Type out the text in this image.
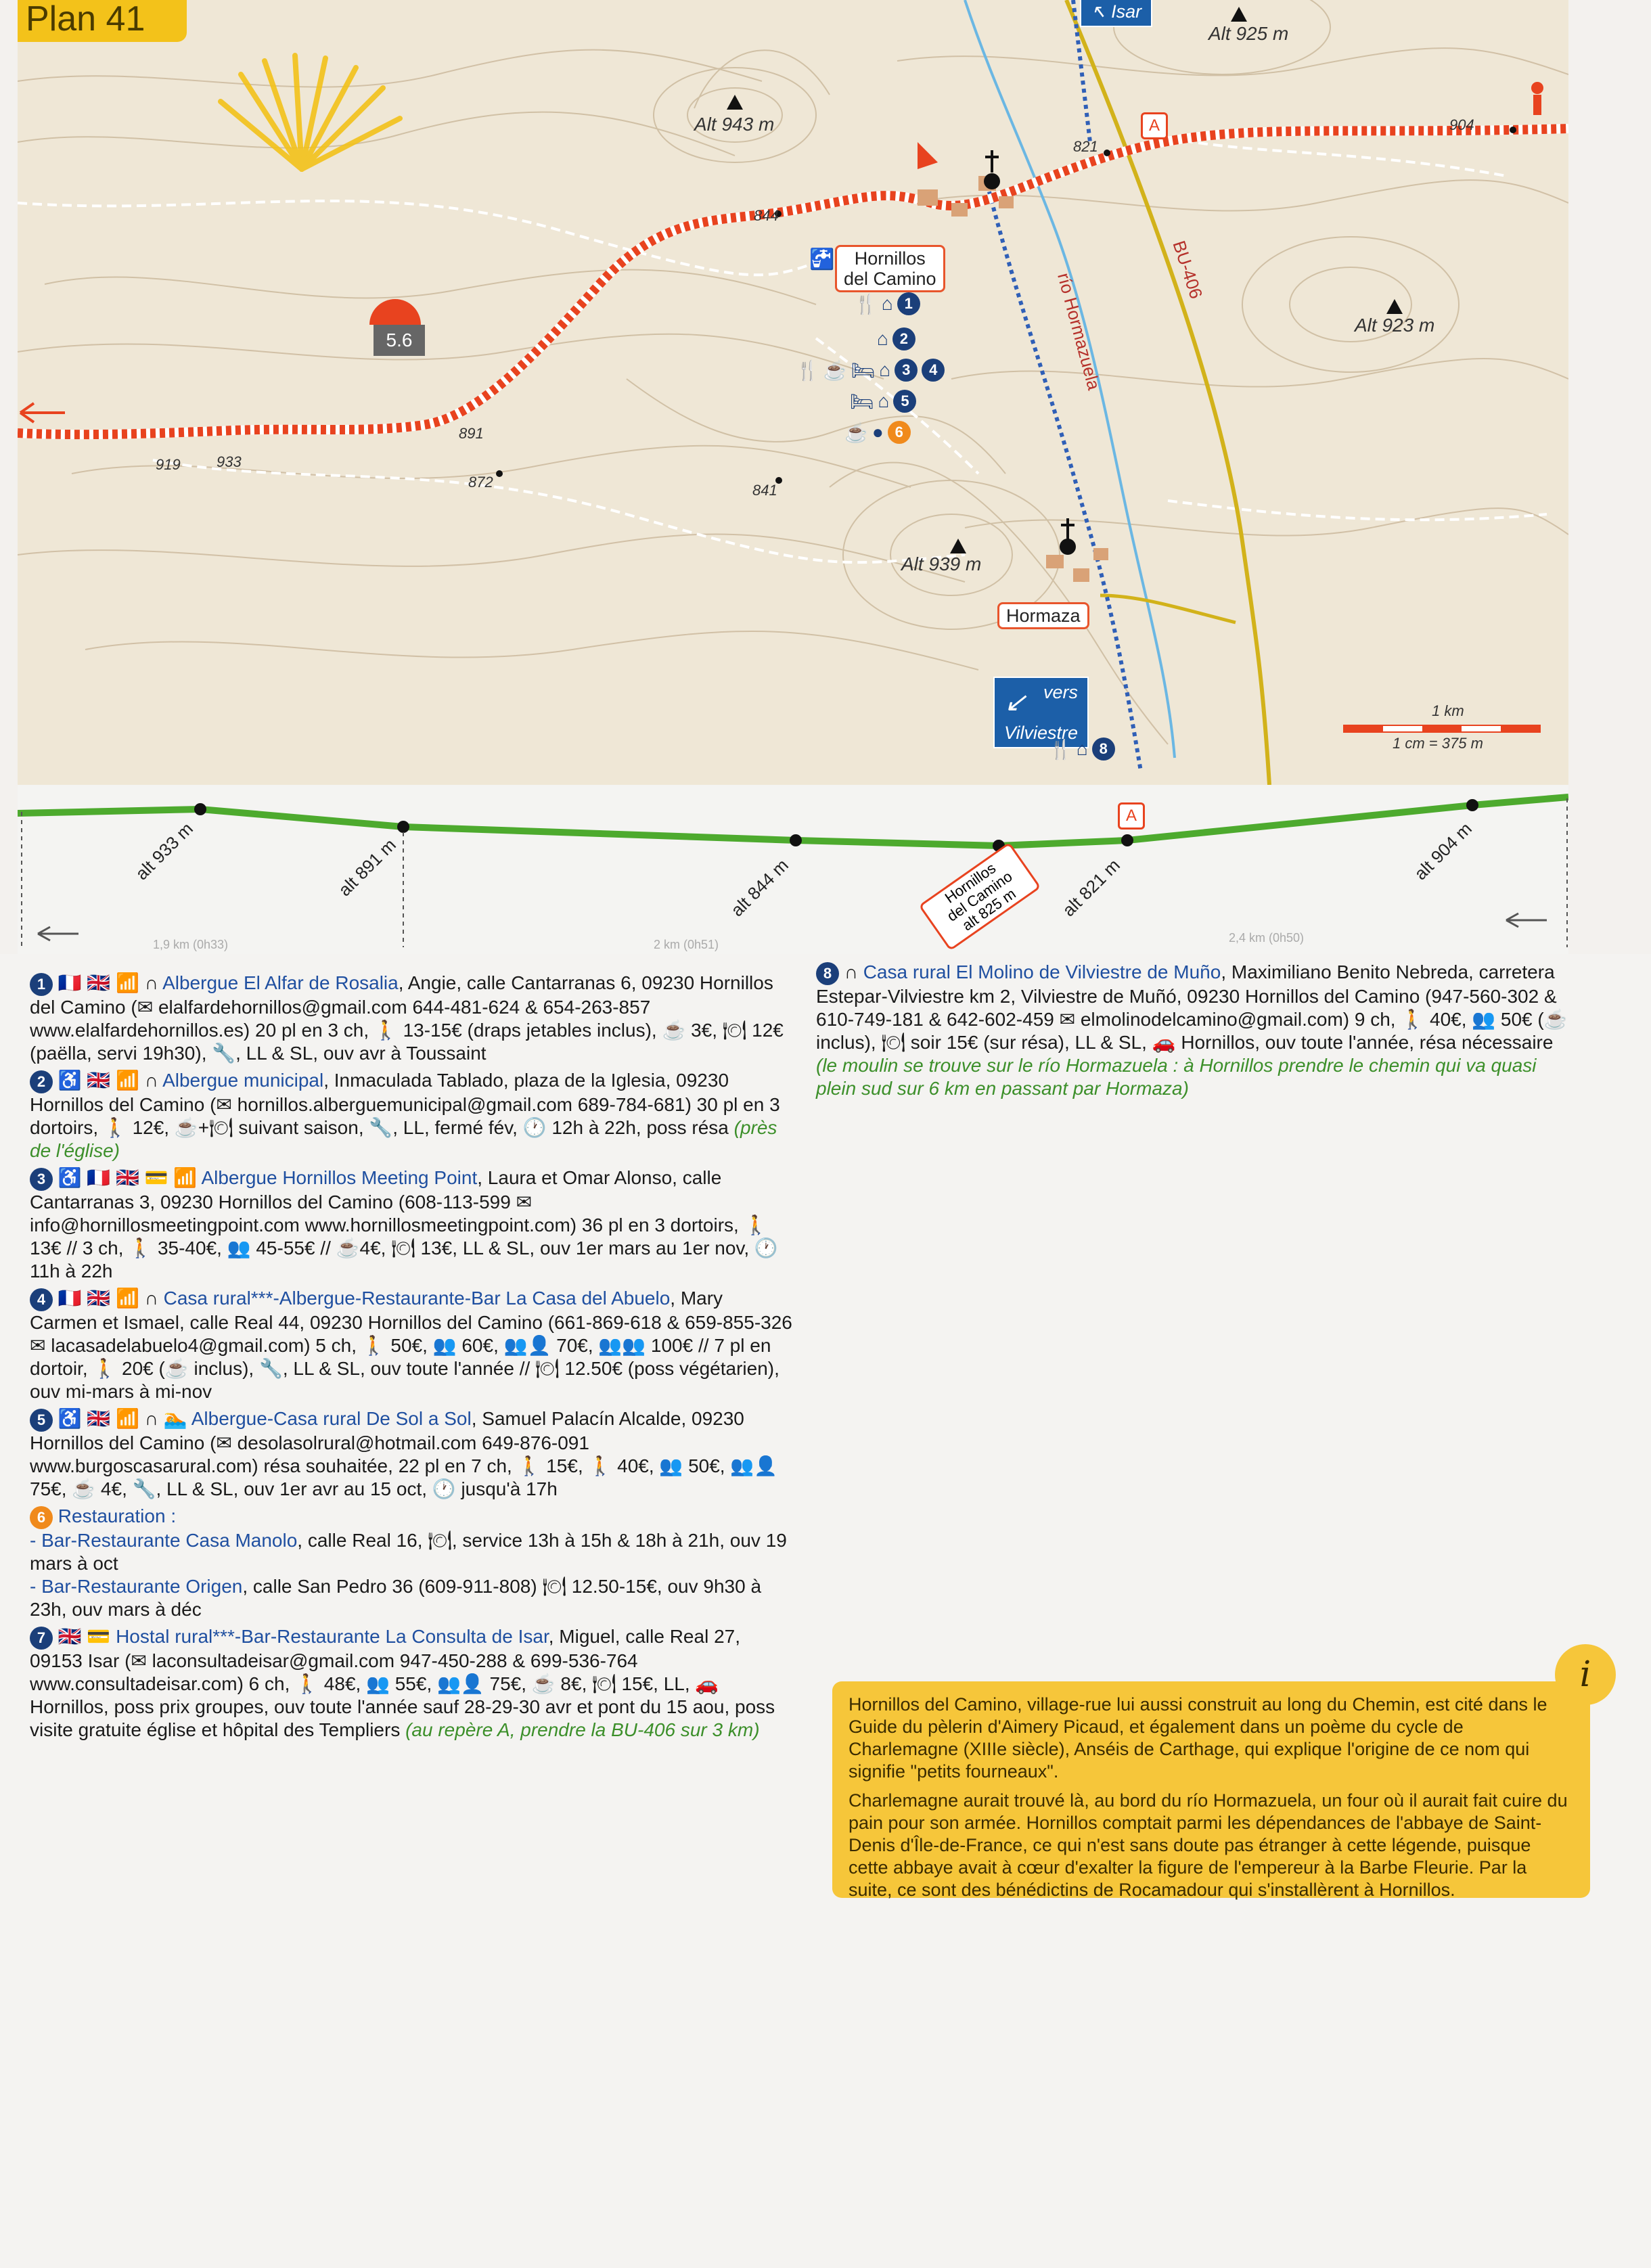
Plan 41
Alt 943 m
Alt 925 m
Alt 923 m
Alt 939 m
844
821
904
891
919 933
872	841
5.6
Hornillos
del Camino
Hormaza
río Hormazuela
BU-406
↖ Isar
↙ vers
Vilviestre
A
🚰
🍴 ⌂ 1
⌂ 2
🍴 ☕ 🛏 ⌂ 3	4
🛏 ⌂ 5
☕ ● 6
🍴 ⌂ 8
1 km
1 cm = 375 m
alt 933 m	alt 891 m	alt 844 m	Hornillos
del Camino
alt 825 m	alt 821 m
alt 904 m
A
1,9 km (0h33)	2 km (0h51)	2,4 km (0h50)
1 🇫🇷 🇬🇧 📶 ∩ Albergue El Alfar de Rosalia, Angie, calle Cantarranas 6, 09230 Hornillos del Camino (✉ elalfardehornillos@gmail.com 644-481-624 & 654-263-857 www.elalfardehornillos.es) 20 pl en 3 ch, 🚶 13-15€ (draps jetables inclus), ☕ 3€, 🍽 12€ (paëlla, servi 19h30), 🔧, LL & SL, ouv avr à Toussaint
2 ♿ 🇬🇧 📶 ∩ Albergue municipal, Inmaculada Tablado, plaza de la Iglesia, 09230 Hornillos del Camino (✉ hornillos.alberguemunicipal@gmail.com 689-784-681) 30 pl en 3 dortoirs, 🚶 12€, ☕+🍽 suivant saison, 🔧, LL, fermé fév, 🕐 12h à 22h, poss résa (près de l'église)
3 ♿ 🇫🇷 🇬🇧 💳 📶 Albergue Hornillos Meeting Point, Laura et Omar Alonso, calle Cantarranas 3, 09230 Hornillos del Camino (608-113-599 ✉ info@hornillosmeetingpoint.com www.hornillosmeetingpoint.com) 36 pl en 3 dortoirs, 🚶 13€ // 3 ch, 🚶 35-40€, 👥 45-55€ // ☕4€, 🍽 13€, LL & SL, ouv 1er mars au 1er nov, 🕐 11h à 22h
4 🇫🇷 🇬🇧 📶 ∩ Casa rural***-Albergue-Restaurante-Bar La Casa del Abuelo, Mary Carmen et Ismael, calle Real 44, 09230 Hornillos del Camino (661-869-618 & 659-855-326 ✉ lacasadelabuelo4@gmail.com) 5 ch, 🚶 50€, 👥 60€, 👥👤 70€, 👥👥 100€ // 7 pl en dortoir, 🚶 20€ (☕ inclus), 🔧, LL & SL, ouv toute l'année // 🍽 12.50€ (poss végétarien), ouv mi-mars à mi-nov
5 ♿ 🇬🇧 📶 ∩ 🏊 Albergue-Casa rural De Sol a Sol, Samuel Palacín Alcalde, 09230 Hornillos del Camino (✉ desolasolrural@hotmail.com 649-876-091 www.burgoscasarural.com) résa souhaitée, 22 pl en 7 ch, 🚶 15€, 🚶 40€, 👥 50€, 👥👤 75€, ☕ 4€, 🔧, LL & SL, ouv 1er avr au 15 oct, 🕐 jusqu'à 17h
6 Restauration :
- Bar-Restaurante Casa Manolo, calle Real 16, 🍽, service 13h à 15h & 18h à 21h, ouv 19 mars à oct
- Bar-Restaurante Origen, calle San Pedro 36 (609-911-808) 🍽 12.50-15€, ouv 9h30 à 23h, ouv mars à déc
7 🇬🇧 💳 Hostal rural***-Bar-Restaurante La Consulta de Isar, Miguel, calle Real 27, 09153 Isar (✉ laconsultadeisar@gmail.com 947-450-288 & 699-536-764 www.consultadeisar.com) 6 ch, 🚶 48€, 👥 55€, 👥👤 75€, ☕ 8€, 🍽 15€, LL, 🚗 Hornillos, poss prix groupes, ouv toute l'année sauf 28-29-30 avr et pont du 15 aou, poss visite gratuite église et hôpital des Templiers (au repère A, prendre la BU-406 sur 3 km)
8 ∩ Casa rural El Molino de Vilviestre de Muño, Maximiliano Benito Nebreda, carretera Estepar-Vilviestre km 2, Vilviestre de Muñó, 09230 Hornillos del Camino (947-560-302 & 610-749-181 & 642-602-459 ✉ elmolinodelcamino@gmail.com) 9 ch, 🚶 40€, 👥 50€ (☕ inclus), 🍽 soir 15€ (sur résa), LL & SL, 🚗 Hornillos, ouv toute l'année, résa nécessaire (le moulin se trouve sur le río Hormazuela : à Hornillos prendre le chemin qui va quasi plein sud sur 6 km en passant par Hormaza)

Hornillos del Camino, village-rue lui aussi construit au long du Chemin, est cité dans le Guide du pèlerin d'Aimery Picaud, et également dans un poème du cycle de Charlemagne (XIIIe siècle), Anséis de Carthage, qui explique l'origine de ce nom qui signifie "petits fourneaux".

Charlemagne aurait trouvé là, au bord du río Hormazuela, un four où il aurait fait cuire du pain pour son armée. Hornillos comptait parmi les dépendances de l'abbaye de Saint-Denis d'Île-de-France, ce qui n'est sans doute pas étranger à cette légende, puisque cette abbaye avait à cœur d'exalter la figure de l'empereur à la Barbe Fleurie. Par la suite, ce sont des bénédictins de Rocamadour qui s'installèrent à Hornillos.

i
